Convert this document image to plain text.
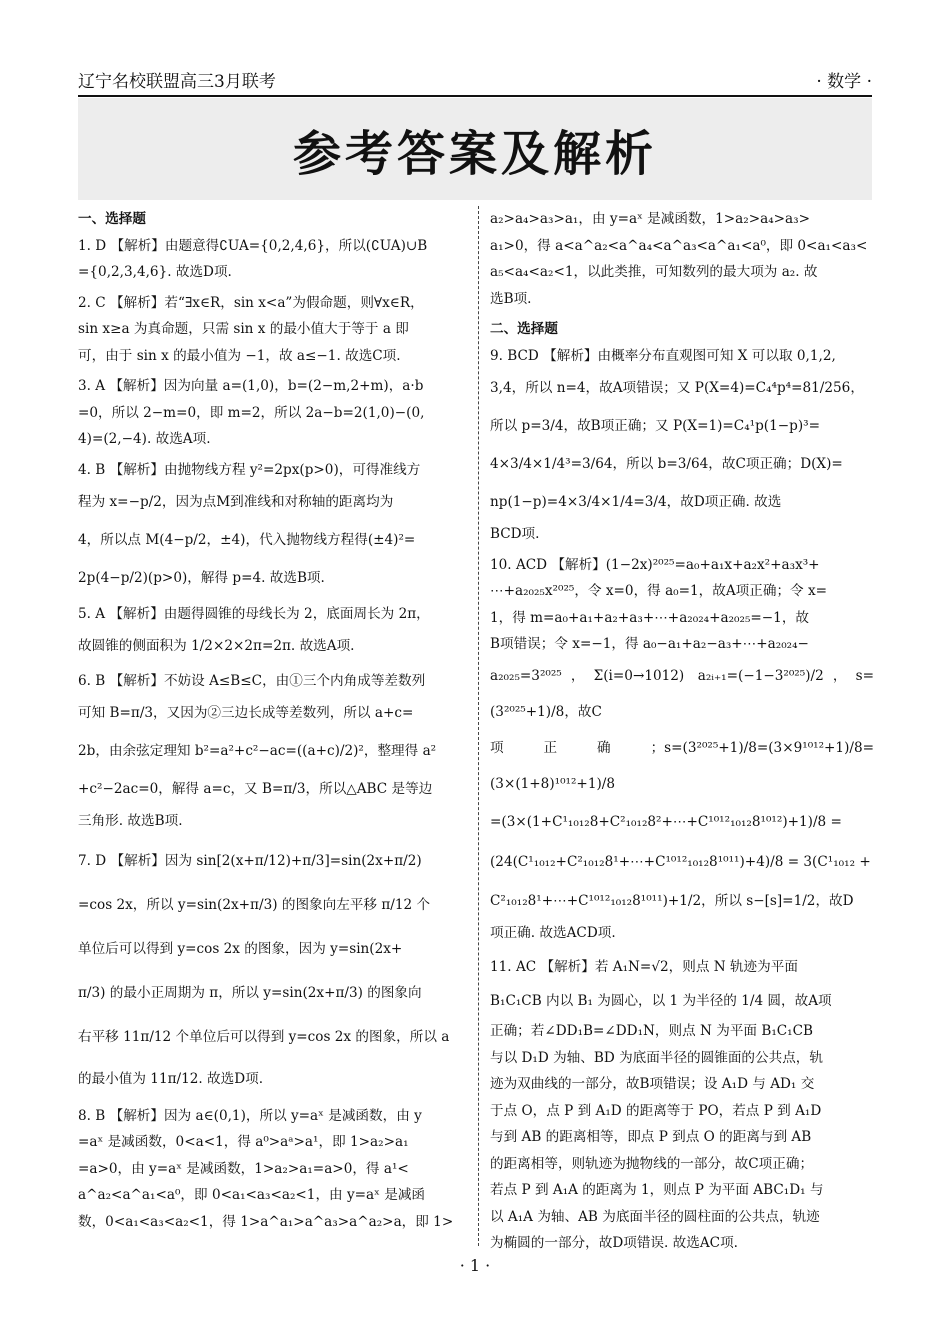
辽宁名校联盟高三3月联考	· 数学 ·
参考答案及解析
一、选择题

1. D 【解析】由题意得∁UA={0,2,4,6}，所以(∁UA)∪B

={0,2,3,4,6}. 故选D项.

2. C 【解析】若“∃x∈R，sin x<a”为假命题，则∀x∈R，

sin x≥a 为真命题，只需 sin x 的最小值大于等于 a 即

可，由于 sin x 的最小值为 −1，故 a≤−1. 故选C项.

3. A 【解析】因为向量 a=(1,0)，b=(2−m,2+m)，a·b

=0，所以 2−m=0，即 m=2，所以 2a−b=2(1,0)−(0,

4)=(2,−4). 故选A项.

4. B 【解析】由抛物线方程 y²=2px(p>0)，可得准线方

程为 x=−p/2，因为点M到准线和对称轴的距离均为

4，所以点 M(4−p/2，±4)，代入抛物线方程得(±4)²=

2p(4−p/2)(p>0)，解得 p=4. 故选B项.

5. A 【解析】由题得圆锥的母线长为 2，底面周长为 2π，

故圆锥的侧面积为 1/2×2×2π=2π. 故选A项.

6. B 【解析】不妨设 A≤B≤C，由①三个内角成等差数列

可知 B=π/3，又因为②三边长成等差数列，所以 a+c=

2b，由余弦定理知 b²=a²+c²−ac=((a+c)/2)²，整理得 a²

+c²−2ac=0，解得 a=c，又 B=π/3，所以△ABC 是等边

三角形. 故选B项.

7. D 【解析】因为 sin[2(x+π/12)+π/3]=sin(2x+π/2)

=cos 2x，所以 y=sin(2x+π/3) 的图象向左平移 π/12 个

单位后可以得到 y=cos 2x 的图象，因为 y=sin(2x+

π/3) 的最小正周期为 π，所以 y=sin(2x+π/3) 的图象向

右平移 11π/12 个单位后可以得到 y=cos 2x 的图象，所以 a

的最小值为 11π/12. 故选D项.

8. B 【解析】因为 a∈(0,1)，所以 y=aˣ 是减函数，由 y

=aˣ 是减函数，0<a<1，得 a⁰>aᵃ>a¹，即 1>a₂>a₁

=a>0，由 y=aˣ 是减函数，1>a₂>a₁=a>0，得 a¹<

a^a₂<a^a₁<a⁰，即 0<a₁<a₃<a₂<1，由 y=aˣ 是减函

数，0<a₁<a₃<a₂<1，得 1>a^a₁>a^a₃>a^a₂>a，即 1>

a₂>a₄>a₃>a₁，由 y=aˣ 是减函数，1>a₂>a₄>a₃>

a₁>0，得 a<a^a₂<a^a₄<a^a₃<a^a₁<a⁰，即 0<a₁<a₃<

a₅<a₄<a₂<1，以此类推，可知数列的最大项为 a₂. 故

选B项.

二、选择题

9. BCD 【解析】由概率分布直观图可知 X 可以取 0,1,2,

3,4，所以 n=4，故A项错误；又 P(X=4)=C₄⁴p⁴=81/256，

所以 p=3/4，故B项正确；又 P(X=1)=C₄¹p(1−p)³=

4×3/4×1/4³=3/64，所以 b=3/64，故C项正确；D(X)=

np(1−p)=4×3/4×1/4=3/4，故D项正确. 故选

BCD项.

10. ACD 【解析】(1−2x)²⁰²⁵=a₀+a₁x+a₂x²+a₃x³+

⋯+a₂₀₂₅x²⁰²⁵，令 x=0，得 a₀=1，故A项正确；令 x=

1，得 m=a₀+a₁+a₂+a₃+⋯+a₂₀₂₄+a₂₀₂₅=−1，故

B项错误；令 x=−1，得 a₀−a₁+a₂−a₃+⋯+a₂₀₂₄−

a₂₀₂₅=3²⁰²⁵，Σ(i=0→1012) a₂ᵢ₊₁=(−1−3²⁰²⁵)/2，s=(3²⁰²⁵+1)/8，故C

项正确；s=(3²⁰²⁵+1)/8=(3×9¹⁰¹²+1)/8=(3×(1+8)¹⁰¹²+1)/8

=(3×(1+C¹₁₀₁₂8+C²₁₀₁₂8²+⋯+C¹⁰¹²₁₀₁₂8¹⁰¹²)+1)/8 =

(24(C¹₁₀₁₂+C²₁₀₁₂8¹+⋯+C¹⁰¹²₁₀₁₂8¹⁰¹¹)+4)/8 = 3(C¹₁₀₁₂ +

C²₁₀₁₂8¹+⋯+C¹⁰¹²₁₀₁₂8¹⁰¹¹)+1/2，所以 s−[s]=1/2，故D

项正确. 故选ACD项.

11. AC 【解析】若 A₁N=√2，则点 N 轨迹为平面

B₁C₁CB 内以 B₁ 为圆心，以 1 为半径的 1/4 圆，故A项

正确；若∠DD₁B=∠DD₁N，则点 N 为平面 B₁C₁CB

与以 D₁D 为轴、BD 为底面半径的圆锥面的公共点，轨

迹为双曲线的一部分，故B项错误；设 A₁D 与 AD₁ 交

于点 O，点 P 到 A₁D 的距离等于 PO，若点 P 到 A₁D

与到 AB 的距离相等，即点 P 到点 O 的距离与到 AB

的距离相等，则轨迹为抛物线的一部分，故C项正确；

若点 P 到 A₁A 的距离为 1，则点 P 为平面 ABC₁D₁ 与

以 A₁A 为轴、AB 为底面半径的圆柱面的公共点，轨迹

为椭圆的一部分，故D项错误. 故选AC项.

· 1 ·
